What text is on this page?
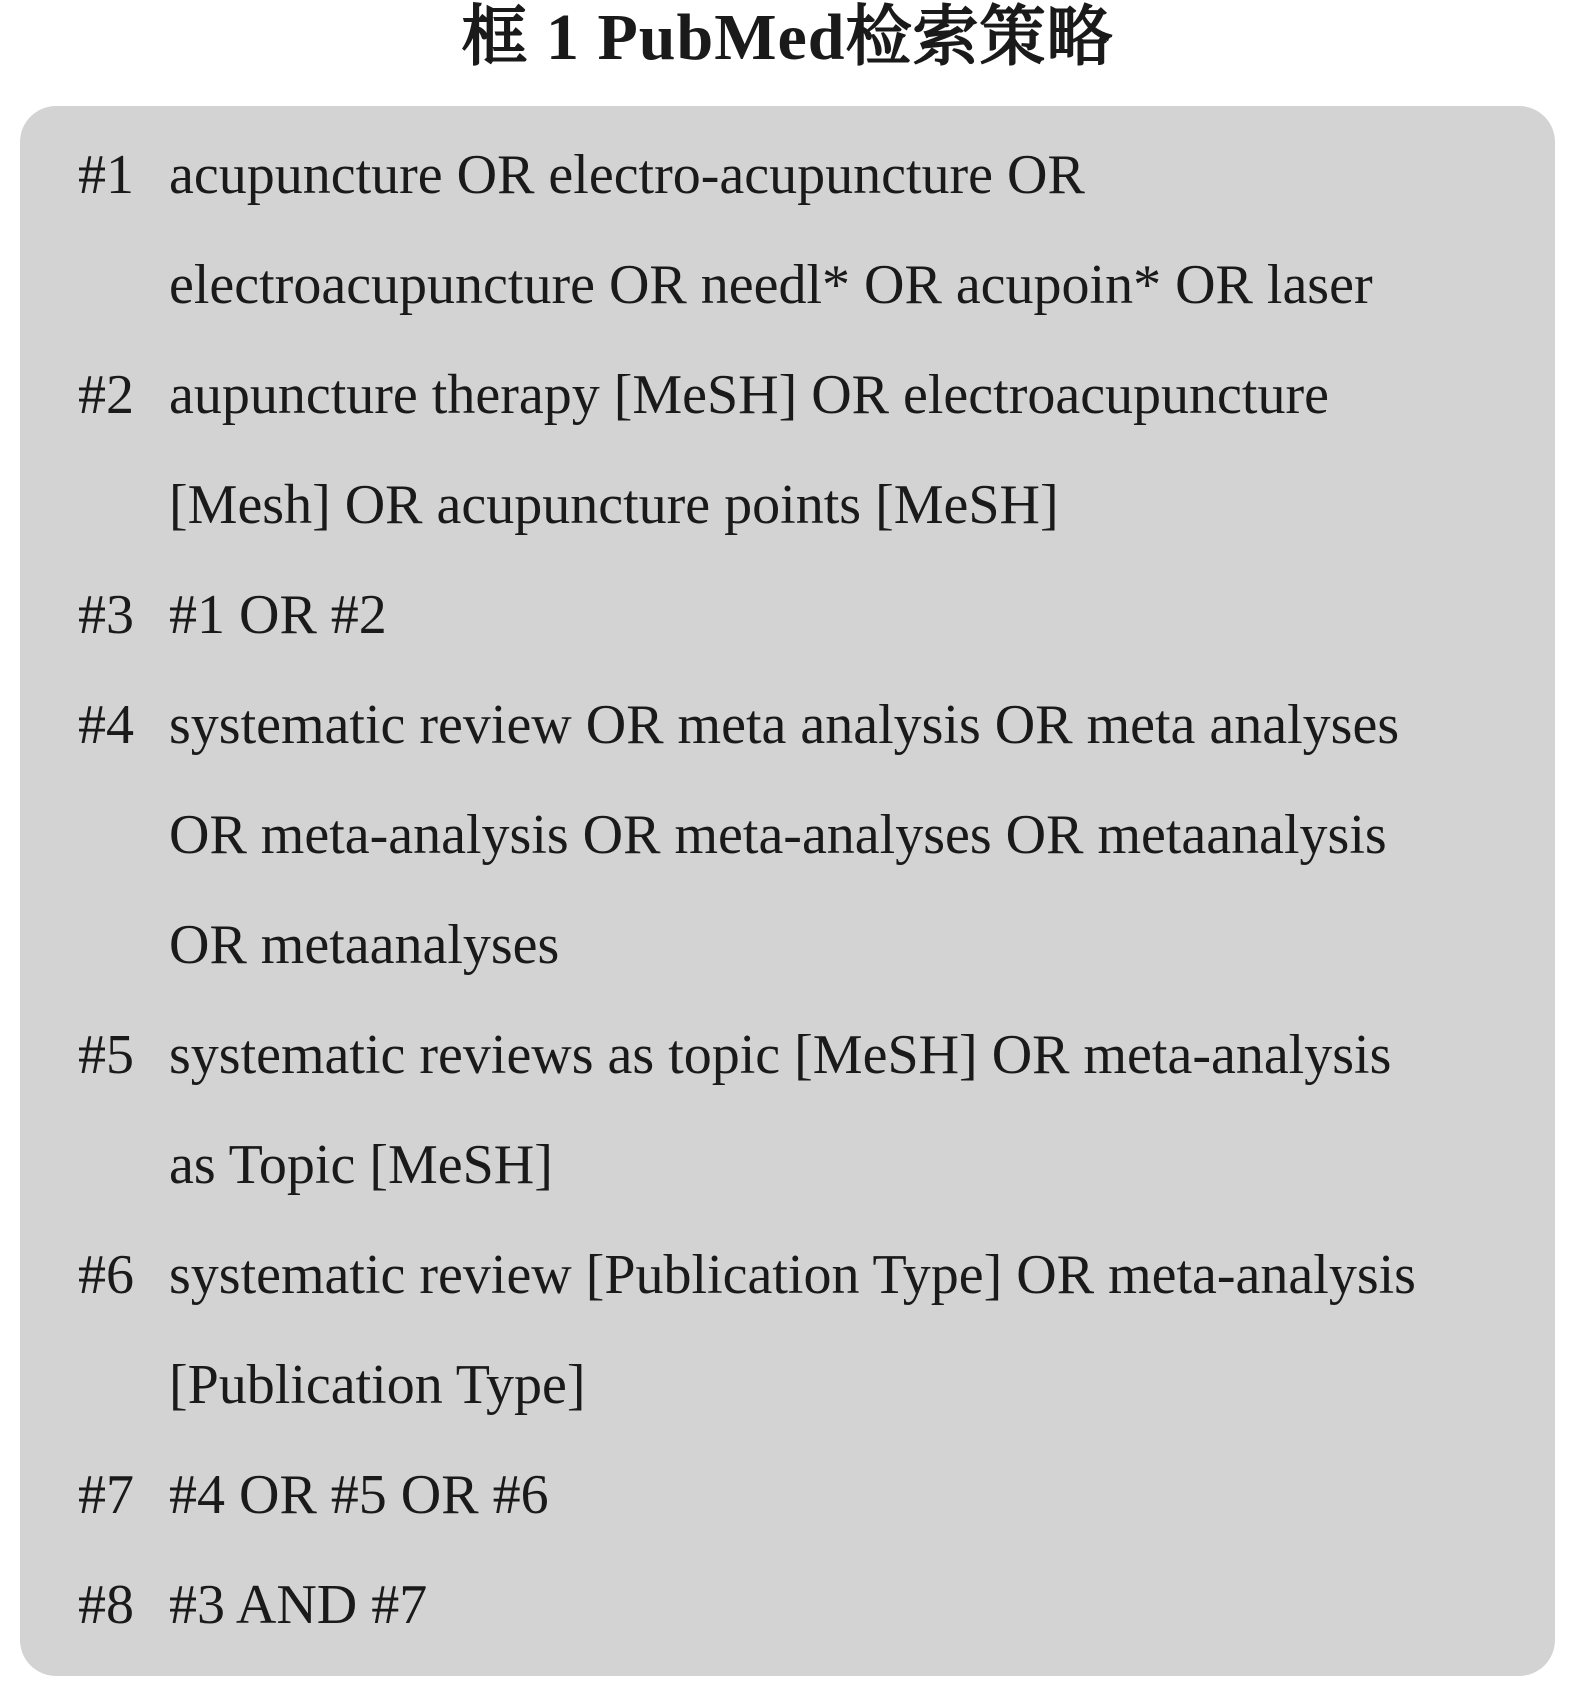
框 1 PubMed检索策略
#1 acupuncture OR electro-acupuncture OR
electroacupuncture OR needl* OR acupoin* OR laser
#2 aupuncture therapy [MeSH] OR electroacupuncture
[Mesh] OR acupuncture points [MeSH]
#3 #1 OR #2
#4 systematic review OR meta analysis OR meta analyses
OR meta-analysis OR meta-analyses OR metaanalysis
OR metaanalyses
#5 systematic reviews as topic [MeSH] OR meta-analysis
as Topic [MeSH]
#6 systematic review [Publication Type] OR meta-analysis
[Publication Type]
#7 #4 OR #5 OR #6
#8 #3 AND #7
